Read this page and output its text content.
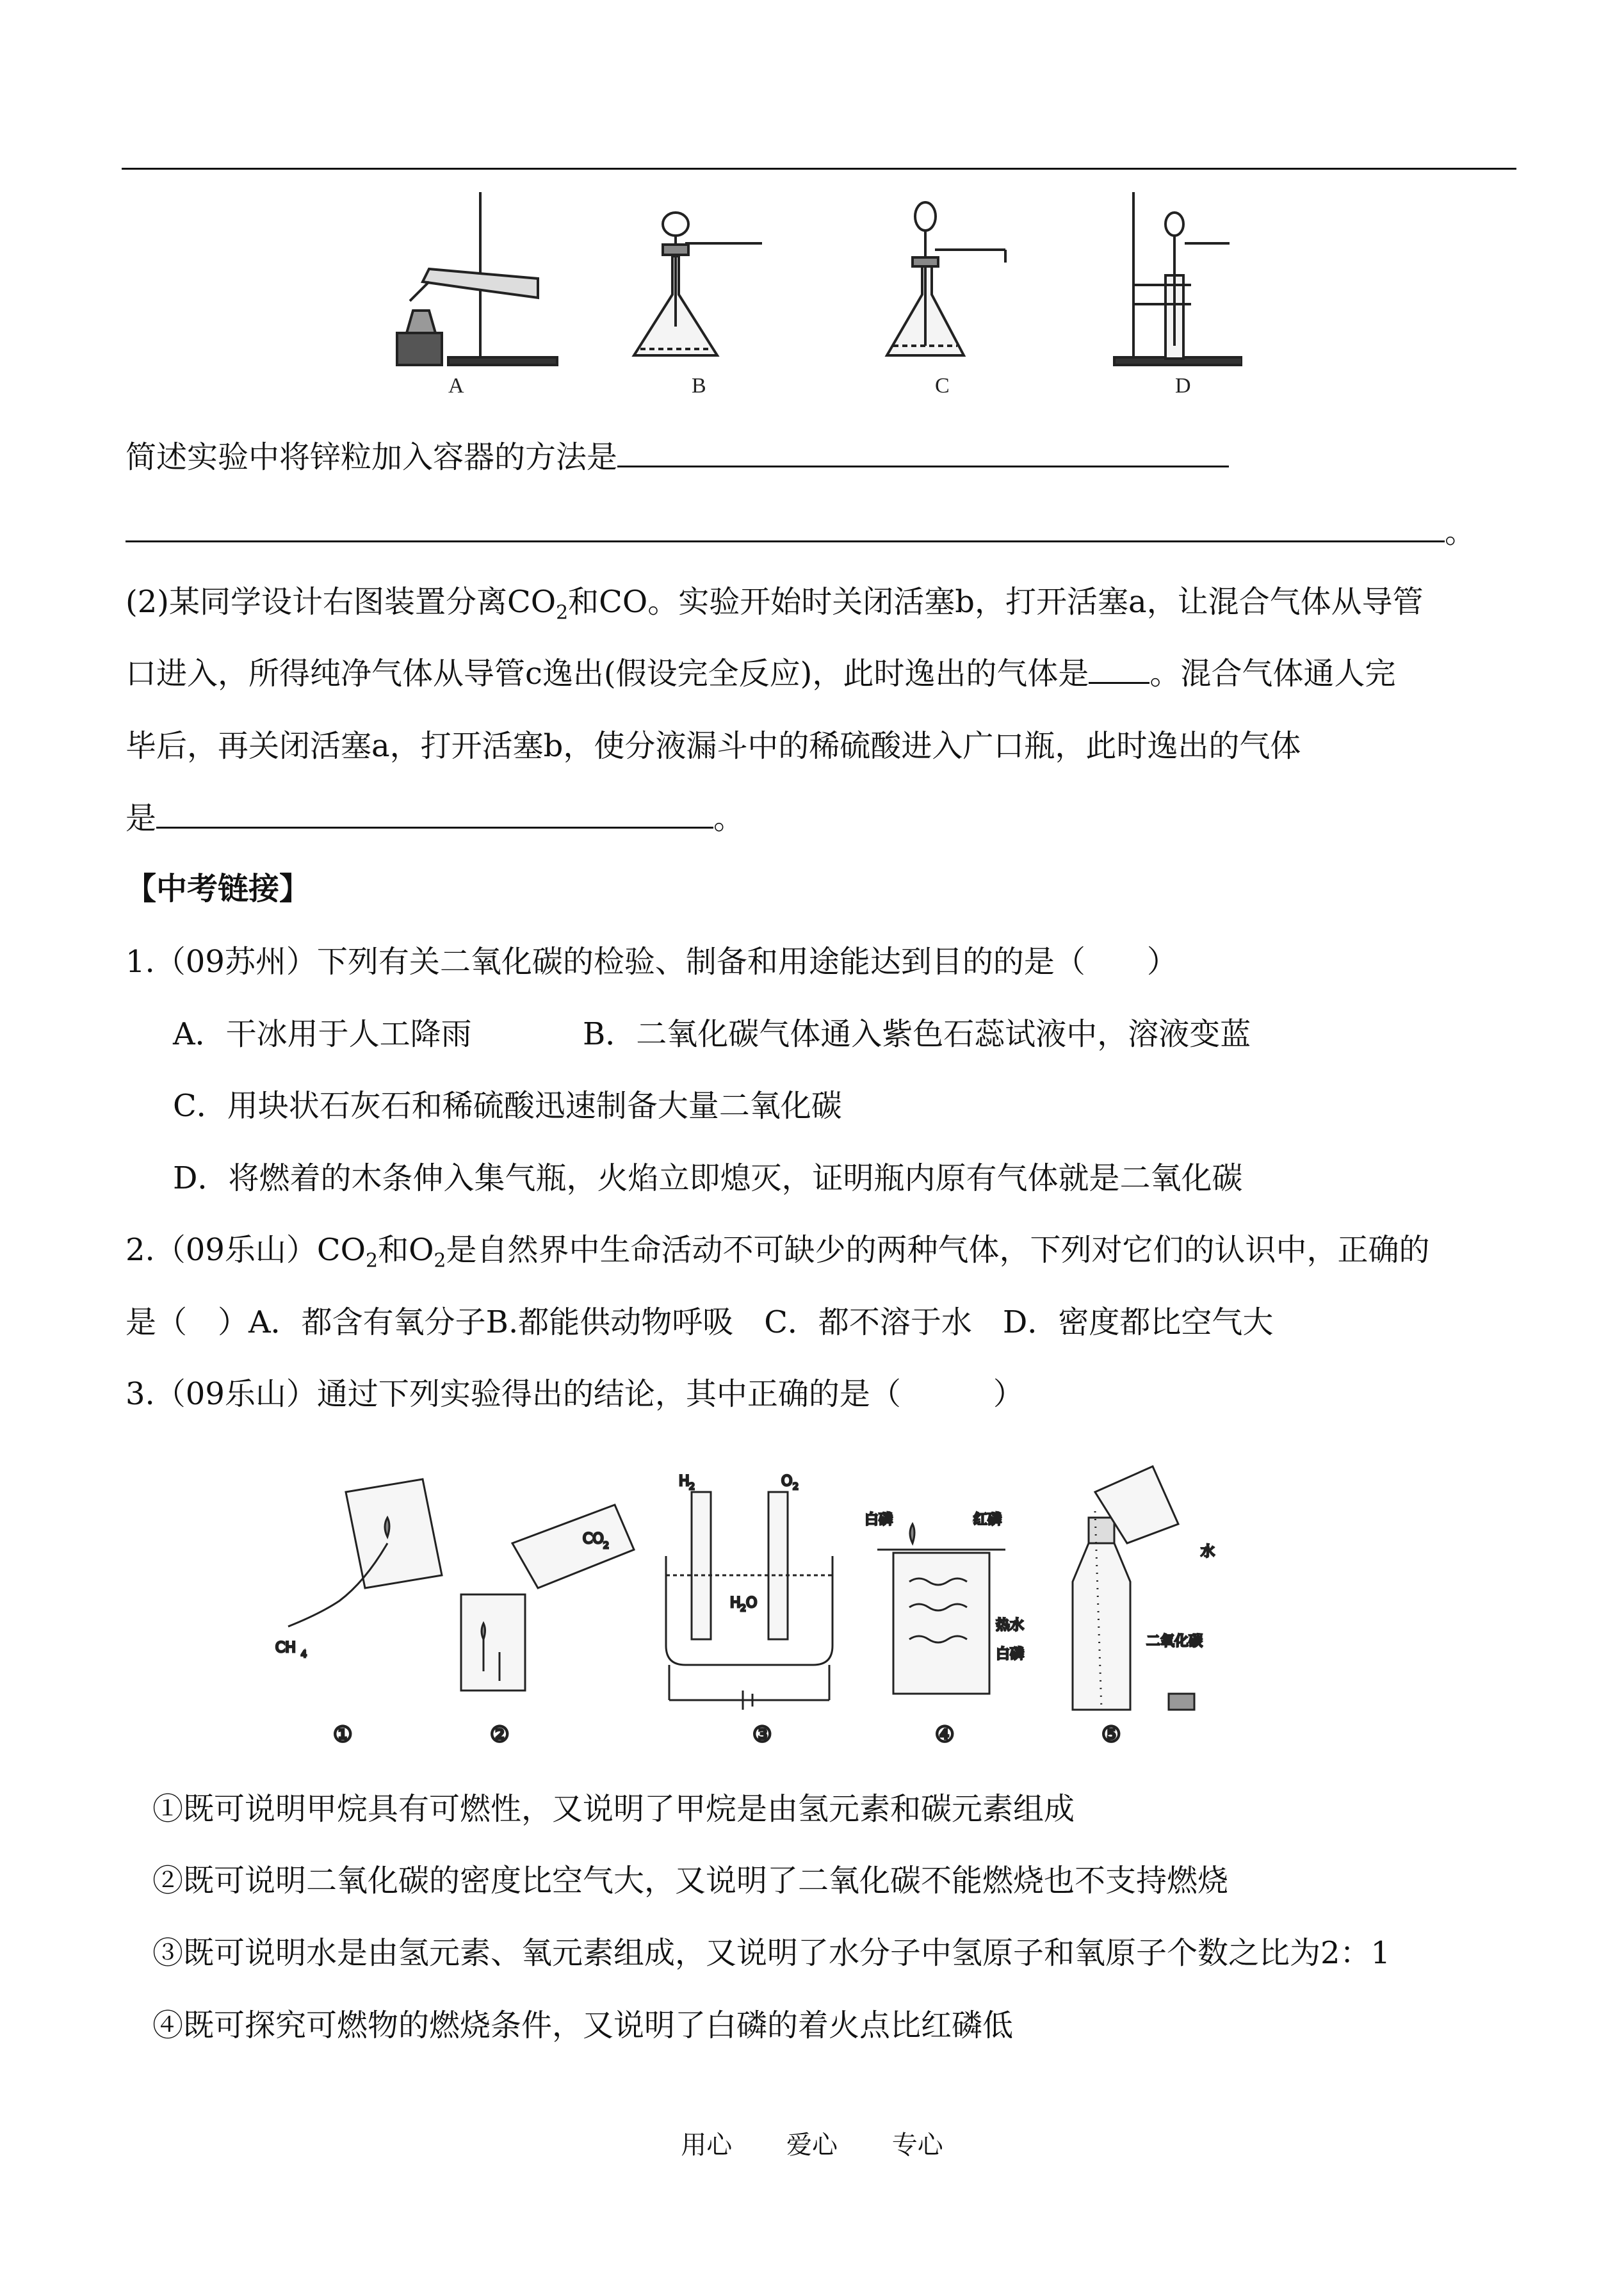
A	B	C	D
简述实验中将锌粒加入容器的方法是
。
(2)某同学设计右图装置分离$CO_2$和CO。实验开始时关闭活塞b，打开活塞a，让混合气体从导管
口进入，所得纯净气体从导管c逸出(假设完全反应)，此时逸出的气体是 。混合气体通人完
毕后，再关闭活塞a，打开活塞b，使分液漏斗中的稀硫酸进入广口瓶，此时逸出的气体
是	。
【中考链接】
1.（09苏州）下列有关二氧化碳的检验、制备和用途能达到目的的是（　　）
A．干冰用于人工降雨	B．二氧化碳气体通入紫色石蕊试液中，溶液变蓝
C．用块状石灰石和稀硫酸迅速制备大量二氧化碳
D．将燃着的木条伸入集气瓶，火焰立即熄灭，证明瓶内原有气体就是二氧化碳
2.（09乐山）$CO_2$和$O_2$是自然界中生命活动不可缺少的两种气体，下列对它们的认识中，正确的
是（　）A．都含有氧分子B.都能供动物呼吸　C．都不溶于水　D．密度都比空气大
3.（09乐山）通过下列实验得出的结论，其中正确的是（　　　）
CH 4
①
CO 2
②
H 2	O 2
H 2 O
③
白磷	红磷
热水
白磷
④
水
二氧化碳
⑤
①既可说明甲烷具有可燃性，又说明了甲烷是由氢元素和碳元素组成
②既可说明二氧化碳的密度比空气大，又说明了二氧化碳不能燃烧也不支持燃烧
③既可说明水是由氢元素、氧元素组成，又说明了水分子中氢原子和氧原子个数之比为2：1
④既可探究可燃物的燃烧条件，又说明了白磷的着火点比红磷低
用心 爱心 专心
